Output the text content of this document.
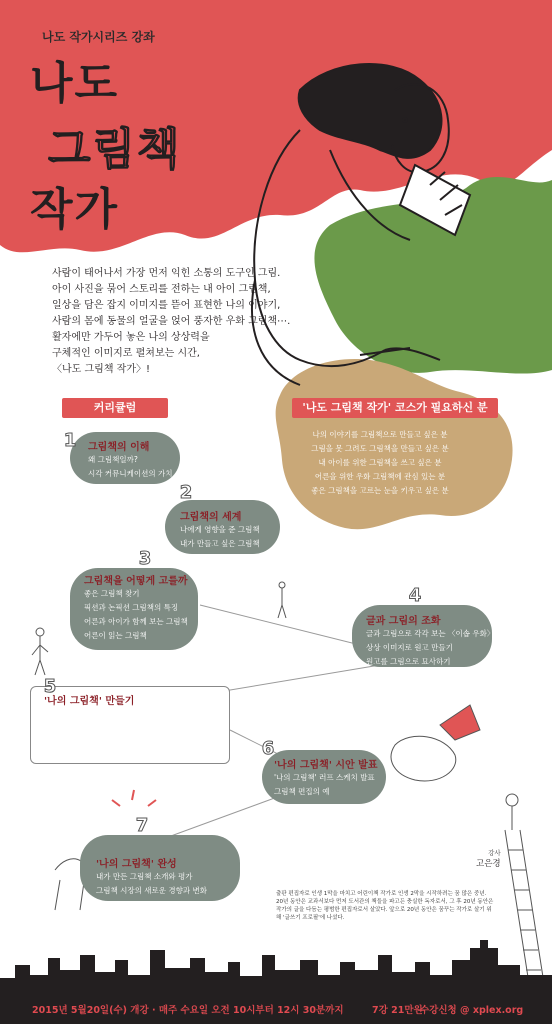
나도 작가시리즈 강좌
나도
그림책
작가
사람이 태어나서 가장 먼저 익힌 소통의 도구인 그림.
아이 사진을 묶어 스토리를 전하는 내 아이 그림책,
일상을 담은 잡지 이미지를 뜯어 표현한 나의 이야기,
사람의 몸에 동물의 얼굴을 얹어 풍자한 우화 그림책⋯.
활자에만 가두어 놓은 나의 상상력을
구체적인 이미지로 펼쳐보는 시간,
〈나도 그림책 작가〉!
커리큘럼	'나도 그림책 작가' 코스가 필요하신 분
나의 이야기를 그림책으로 만들고 싶은 분
그림을 못 그려도 그림책을 만들고 싶은 분
내 아이를 위한 그림책을 쓰고 싶은 분
어른을 위한 우화 그림책에 관심 있는 분
좋은 그림책을 고르는 눈을 키우고 싶은 분
1	그림책의 이해
왜 그림책일까?
시각 커뮤니케이션의 가치
2
그림책의 세계
나에게 영향을 준 그림책
내가 만들고 싶은 그림책
3
그림책을 어떻게 고를까
좋은 그림책 찾기
픽션과 논픽션 그림책의 특징
어른과 아이가 함께 보는 그림책
어른이 읽는 그림책
4
글과 그림의 조화
글과 그림으로 각각 보는 〈이솝 우화〉
상상 이미지로 원고 만들기
원고를 그림으로 묘사하기
5
'나의 그림책' 만들기
그림책 제작 과정
그림책 러프 스케치 방법
드로잉, 사진 콜라주, 도장 찍기, 색지 모자이크 등
다양한 표현 방법들	6
'나의 그림책' 시안 발표
'나의 그림책' 러프 스케치 발표
그림책 편집의 예
7
'나의 그림책' 완성
내가 만든 그림책 소개와 평가
그림책 시장의 새로운 경향과 변화
강사
고은경
출판 편집자로 인생 1막을 마치고 어린이책 작가로 인생 2막을 시작하려는 꿈 많은 중년.
20년 동안은 교과서보다 먼저 도서관의 책들을 파고든 충실한 독자로서, 그 후 20년 동안은
작가의 글을 다듬는 평범한 편집자로서 살았다. 앞으로 20년 동안은 꿈꾸는 작가로 살기 위
해 '글쓰기 프로필'에 나섰다.
2015년 5월20일(수) 개강 · 매주 수요일 오전 10시부터 12시 30분까지	7강 21만원
수강신청 @ xplex.org
